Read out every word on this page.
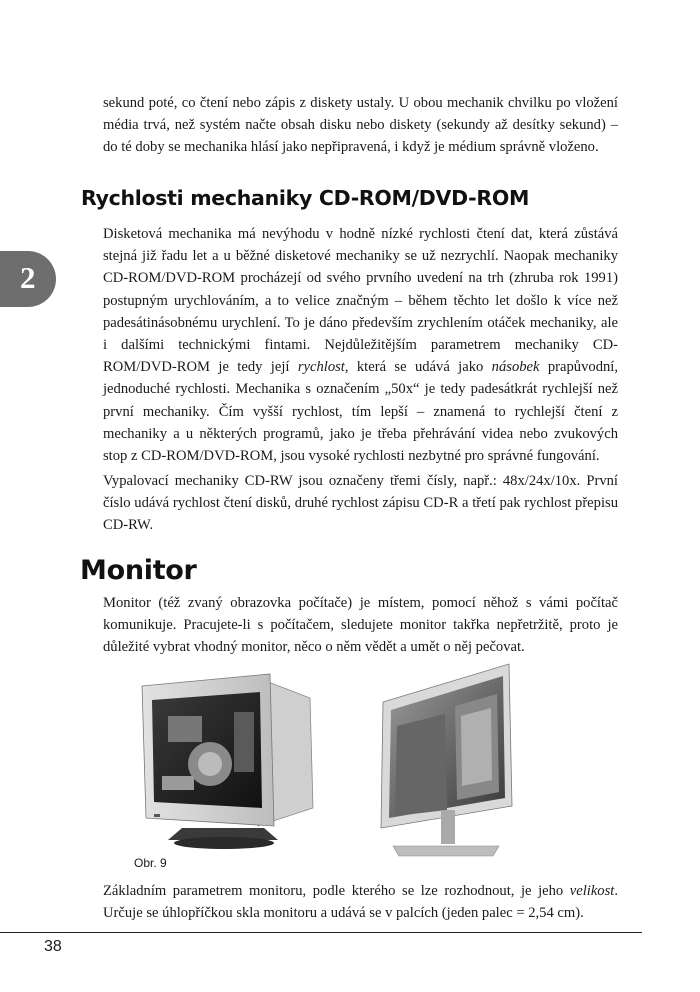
2

sekund poté, co čtení nebo zápis z diskety ustaly. U obou mechanik chvilku po vložení média trvá, než systém načte obsah disku nebo diskety (sekundy až desítky sekund) – do té doby se mechanika hlásí jako nepřipravená, i když je médium správně vloženo.

Rychlosti mechaniky CD-ROM/DVD-ROM

Disketová mechanika má nevýhodu v hodně nízké rychlosti čtení dat, která zůstává stejná již řadu let a u běžné disketové mechaniky se už nezrychlí. Naopak mechaniky CD-ROM/DVD-ROM procházejí od svého prvního uvedení na trh (zhruba rok 1991) postupným urychlováním, a to velice značným – během těchto let došlo k více než padesátinásobnému urychlení. To je dáno především zrychlením otáček mechaniky, ale i dalšími technickými fintami. Nejdůležitějším parametrem mechaniky CD-ROM/DVD-ROM je tedy její rychlost, která se udává jako násobek prapůvodní, jednoduché rychlosti. Mechanika s označením „50x“ je tedy padesátkrát rychlejší než první mechaniky. Čím vyšší rychlost, tím lepší – znamená to rychlejší čtení z mechaniky a u některých programů, jako je třeba přehrávání videa nebo zvukových stop z CD-ROM/DVD-ROM, jsou vysoké rychlosti nezbytné pro správné fungování.

Vypalovací mechaniky CD-RW jsou označeny třemi čísly, např.: 48x/24x/10x. První číslo udává rychlost čtení disků, druhé rychlost zápisu CD-R a třetí pak rychlost přepisu CD-RW.

Monitor

Monitor (též zvaný obrazovka počítače) je místem, pomocí něhož s vámi počítač komunikuje. Pracujete-li s počítačem, sledujete monitor takřka nepřetržitě, proto je důležité vybrat vhodný monitor, něco o něm vědět a umět o něj pečovat.

Obr. 9

Základním parametrem monitoru, podle kterého se lze rozhodnout, je jeho velikost. Určuje se úhlopříčkou skla monitoru a udává se v palcích (jeden palec = 2,54 cm).

38
